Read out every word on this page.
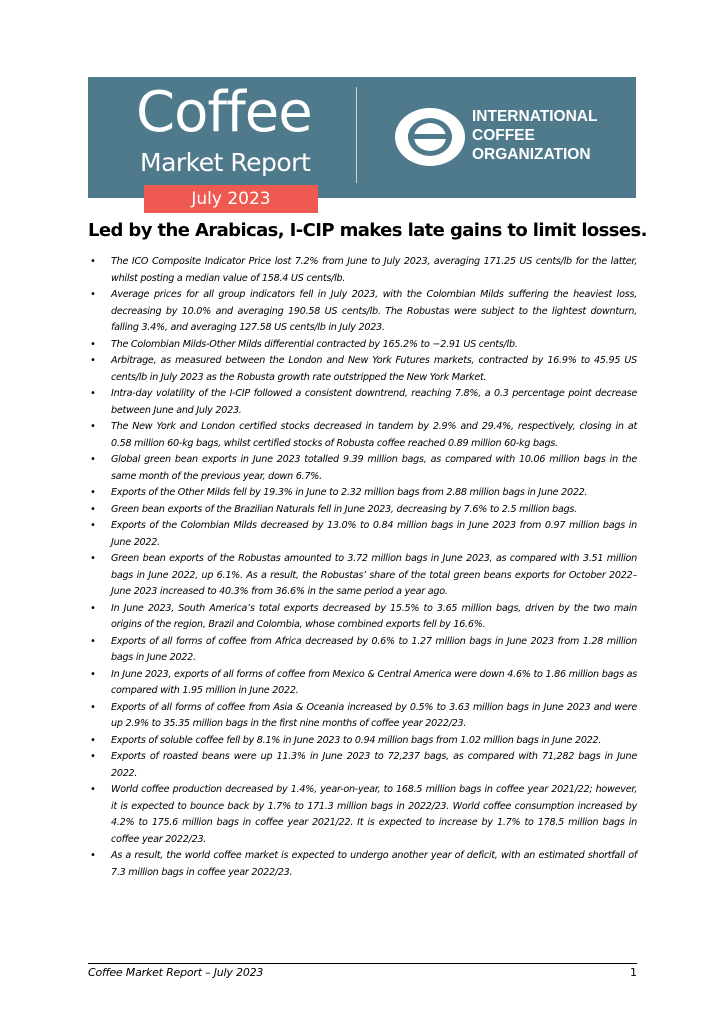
Coffee
Market Report
INTERNATIONAL
COFFEE
ORGANIZATION
July 2023
Led by the Arabicas, I-CIP makes late gains to limit losses.
• The ICO Composite Indicator Price lost 7.2% from June to July 2023, averaging 171.25 US cents/lb for the latter, whilst posting a median value of 158.4 US cents/lb.
• Average prices for all group indicators fell in July 2023, with the Colombian Milds suffering the heaviest loss, decreasing by 10.0% and averaging 190.58 US cents/lb. The Robustas were subject to the lightest downturn, falling 3.4%, and averaging 127.58 US cents/lb in July 2023.
• The Colombian Milds-Other Milds differential contracted by 165.2% to −2.91 US cents/lb.
• Arbitrage, as measured between the London and New York Futures markets, contracted by 16.9% to 45.95 US cents/lb in July 2023 as the Robusta growth rate outstripped the New York Market.
• Intra-day volatility of the I-CIP followed a consistent downtrend, reaching 7.8%, a 0.3 percentage point decrease between June and July 2023.
• The New York and London certified stocks decreased in tandem by 2.9% and 29.4%, respectively, closing in at 0.58 million 60-kg bags, whilst certified stocks of Robusta coffee reached 0.89 million 60-kg bags.
• Global green bean exports in June 2023 totalled 9.39 million bags, as compared with 10.06 million bags in the same month of the previous year, down 6.7%.
• Exports of the Other Milds fell by 19.3% in June to 2.32 million bags from 2.88 million bags in June 2022.
• Green bean exports of the Brazilian Naturals fell in June 2023, decreasing by 7.6% to 2.5 million bags.
• Exports of the Colombian Milds decreased by 13.0% to 0.84 million bags in June 2023 from 0.97 million bags in June 2022.
• Green bean exports of the Robustas amounted to 3.72 million bags in June 2023, as compared with 3.51 million bags in June 2022, up 6.1%. As a result, the Robustas’ share of the total green beans exports for October 2022–June 2023 increased to 40.3% from 36.6% in the same period a year ago.
• In June 2023, South America’s total exports decreased by 15.5% to 3.65 million bags, driven by the two main origins of the region, Brazil and Colombia, whose combined exports fell by 16.6%.
• Exports of all forms of coffee from Africa decreased by 0.6% to 1.27 million bags in June 2023 from 1.28 million bags in June 2022.
• In June 2023, exports of all forms of coffee from Mexico & Central America were down 4.6% to 1.86 million bags as compared with 1.95 million in June 2022.
• Exports of all forms of coffee from Asia & Oceania increased by 0.5% to 3.63 million bags in June 2023 and were up 2.9% to 35.35 million bags in the first nine months of coffee year 2022/23.
• Exports of soluble coffee fell by 8.1% in June 2023 to 0.94 million bags from 1.02 million bags in June 2022.
• Exports of roasted beans were up 11.3% in June 2023 to 72,237 bags, as compared with 71,282 bags in June 2022.
• World coffee production decreased by 1.4%, year-on-year, to 168.5 million bags in coffee year 2021/22; however, it is expected to bounce back by 1.7% to 171.3 million bags in 2022/23. World coffee consumption increased by 4.2% to 175.6 million bags in coffee year 2021/22. It is expected to increase by 1.7% to 178.5 million bags in coffee year 2022/23.
• As a result, the world coffee market is expected to undergo another year of deficit, with an estimated shortfall of 7.3 million bags in coffee year 2022/23.
Coffee Market Report – July 2023	1
